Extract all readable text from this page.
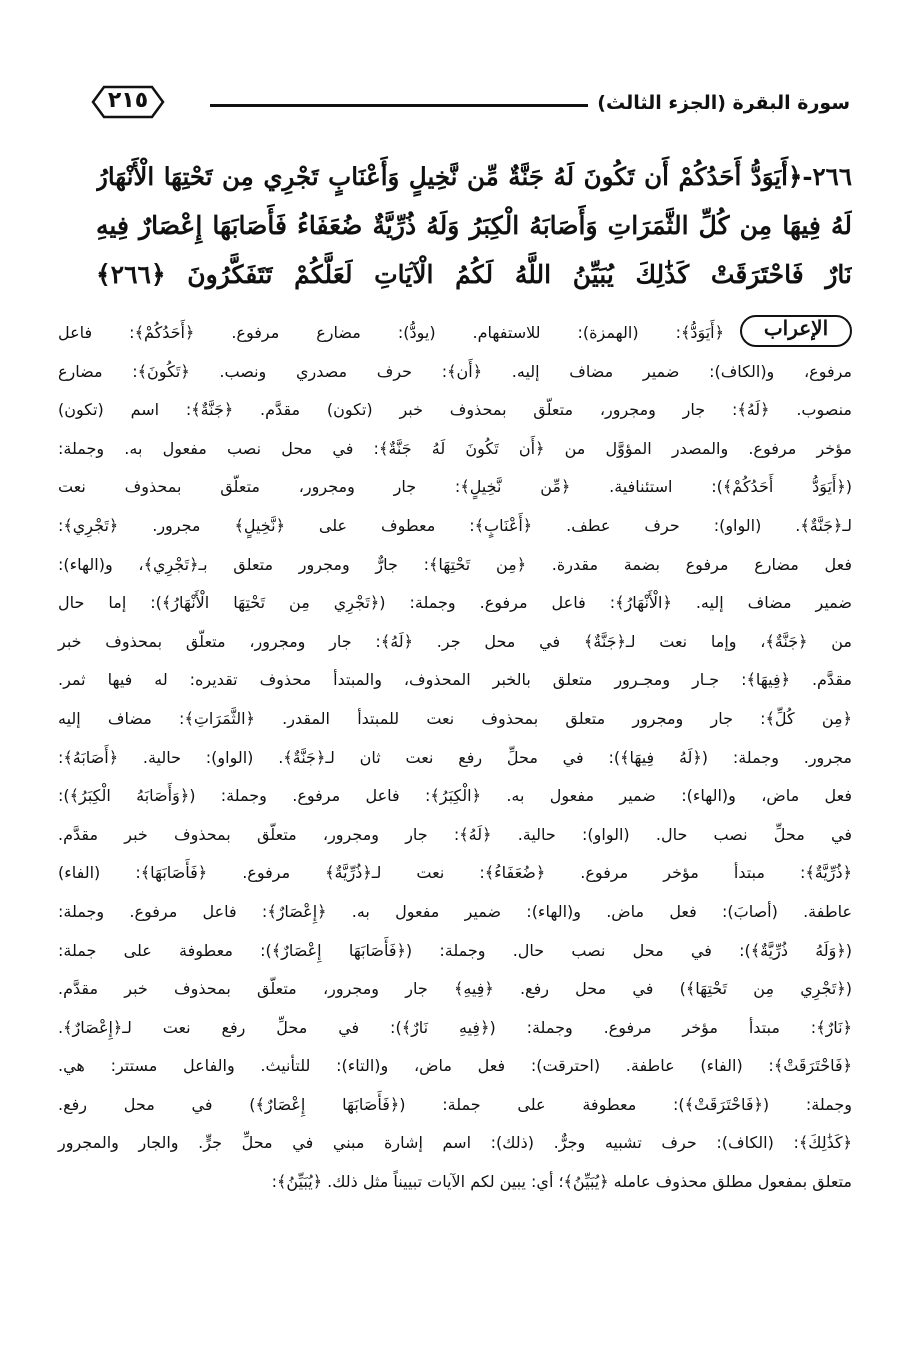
سورة البقرة (الجزء الثالث)
٢١٥

٢٦٦-﴿أَيَوَدُّ أَحَدُكُمْ أَن تَكُونَ لَهُ جَنَّةٌ مِّن نَّخِيلٍ وَأَعْنَابٍ تَجْرِي مِن تَحْتِهَا الْأَنْهَارُ

لَهُ فِيهَا مِن كُلِّ الثَّمَرَاتِ وَأَصَابَهُ الْكِبَرُ وَلَهُ ذُرِّيَّةٌ ضُعَفَاءُ فَأَصَابَهَا إِعْصَارٌ فِيهِ

نَارٌ فَاحْتَرَقَتْ كَذَٰلِكَ يُبَيِّنُ اللَّهُ لَكُمُ الْآيَاتِ لَعَلَّكُمْ تَتَفَكَّرُونَ ﴿٢٦٦﴾

الإعراب
﴿أَيَوَدُّ﴾: (الهمزة): للاستفهام. (يودُّ): مضارع مرفوع. ﴿أَحَدُكُمْ﴾: فاعل
مرفوع، و(الكاف): ضمير مضاف إليه. ﴿أَن﴾: حرف مصدري ونصب. ﴿تَكُونَ﴾: مضارع
منصوب. ﴿لَهُ﴾: جار ومجرور، متعلّق بمحذوف خبر (تكون) مقدَّم. ﴿جَنَّةٌ﴾: اسم (تكون)
مؤخر مرفوع. والمصدر المؤوَّل من ﴿أَن تَكُونَ لَهُ جَنَّةٌ﴾: في محل نصب مفعول به. وجملة:
(﴿أَيَوَدُّ أَحَدُكُمْ﴾): استئنافية. ﴿مِّن نَّخِيلٍ﴾: جار ومجرور، متعلّق بمحذوف نعت
لـ﴿جَنَّةٌ﴾. (الواو): حرف عطف. ﴿أَعْنَابٍ﴾: معطوف على ﴿نَّخِيلٍ﴾ مجرور. ﴿تَجْرِي﴾:
فعل مضارع مرفوع بضمة مقدرة. ﴿مِن تَحْتِهَا﴾: جارٌّ ومجرور متعلق بـ﴿تَجْرِي﴾، و(الهاء):
ضمير مضاف إليه. ﴿الْأَنْهَارُ﴾: فاعل مرفوع. وجملة: (﴿تَجْرِي مِن تَحْتِهَا الْأَنْهَارُ﴾): إما حال
من ﴿جَنَّةٌ﴾، وإما نعت لـ﴿جَنَّةٌ﴾ في محل جر. ﴿لَهُ﴾: جار ومجرور، متعلّق بمحذوف خبر
مقدَّم. ﴿فِيهَا﴾: جـار ومجـرور متعلق بالخبر المحذوف، والمبتدأ محذوف تقديره: له فيها ثمر.
﴿مِن كُلِّ﴾: جار ومجرور متعلق بمحذوف نعت للمبتدأ المقدر. ﴿الثَّمَرَاتِ﴾: مضاف إليه
مجرور. وجملة: (﴿لَهُ فِيهَا﴾): في محلِّ رفع نعت ثان لـ﴿جَنَّةٌ﴾. (الواو): حالية. ﴿أَصَابَهُ﴾:
فعل ماض، و(الهاء): ضمير مفعول به. ﴿الْكِبَرُ﴾: فاعل مرفوع. وجملة: (﴿وَأَصَابَهُ الْكِبَرُ﴾):
في محلِّ نصب حال. (الواو): حالية. ﴿لَهُ﴾: جار ومجرور، متعلّق بمحذوف خبر مقدَّم.
﴿ذُرِّيَّةٌ﴾: مبتدأ مؤخر مرفوع. ﴿ضُعَفَاءُ﴾: نعت لـ﴿ذُرِّيَّةٌ﴾ مرفوع. ﴿فَأَصَابَهَا﴾: (الفاء)
عاطفة. (أصابَ): فعل ماض. و(الهاء): ضمير مفعول به. ﴿إِعْصَارٌ﴾: فاعل مرفوع. وجملة:
(﴿وَلَهُ ذُرِّيَّةٌ﴾): في محل نصب حال. وجملة: (﴿فَأَصَابَهَا إِعْصَارٌ﴾): معطوفة على جملة:
(﴿تَجْرِي مِن تَحْتِهَا﴾) في محل رفع. ﴿فِيهِ﴾ جار ومجرور، متعلّق بمحذوف خبر مقدَّم.
﴿نَارٌ﴾: مبتدأ مؤخر مرفوع. وجملة: (﴿فِيهِ نَارٌ﴾): في محلِّ رفع نعت لـ﴿إِعْصَارٌ﴾.
﴿فَاحْتَرَقَتْ﴾: (الفاء) عاطفة. (احترقت): فعل ماض، و(التاء): للتأنيث. والفاعل مستتر: هي.
وجملة: (﴿فَاحْتَرَقَتْ﴾): معطوفة على جملة: (﴿فَأَصَابَهَا إِعْصَارٌ﴾) في محل رفع.
﴿كَذَٰلِكَ﴾: (الكاف): حرف تشبيه وجرٌّ. (ذلك): اسم إشارة مبني في محلِّ جرٍّ. والجار والمجرور
متعلق بمفعول مطلق محذوف عامله ﴿يُبَيِّنُ﴾؛ أي: يبين لكم الآيات تبييناً مثل ذلك. ﴿يُبَيِّنُ﴾:
